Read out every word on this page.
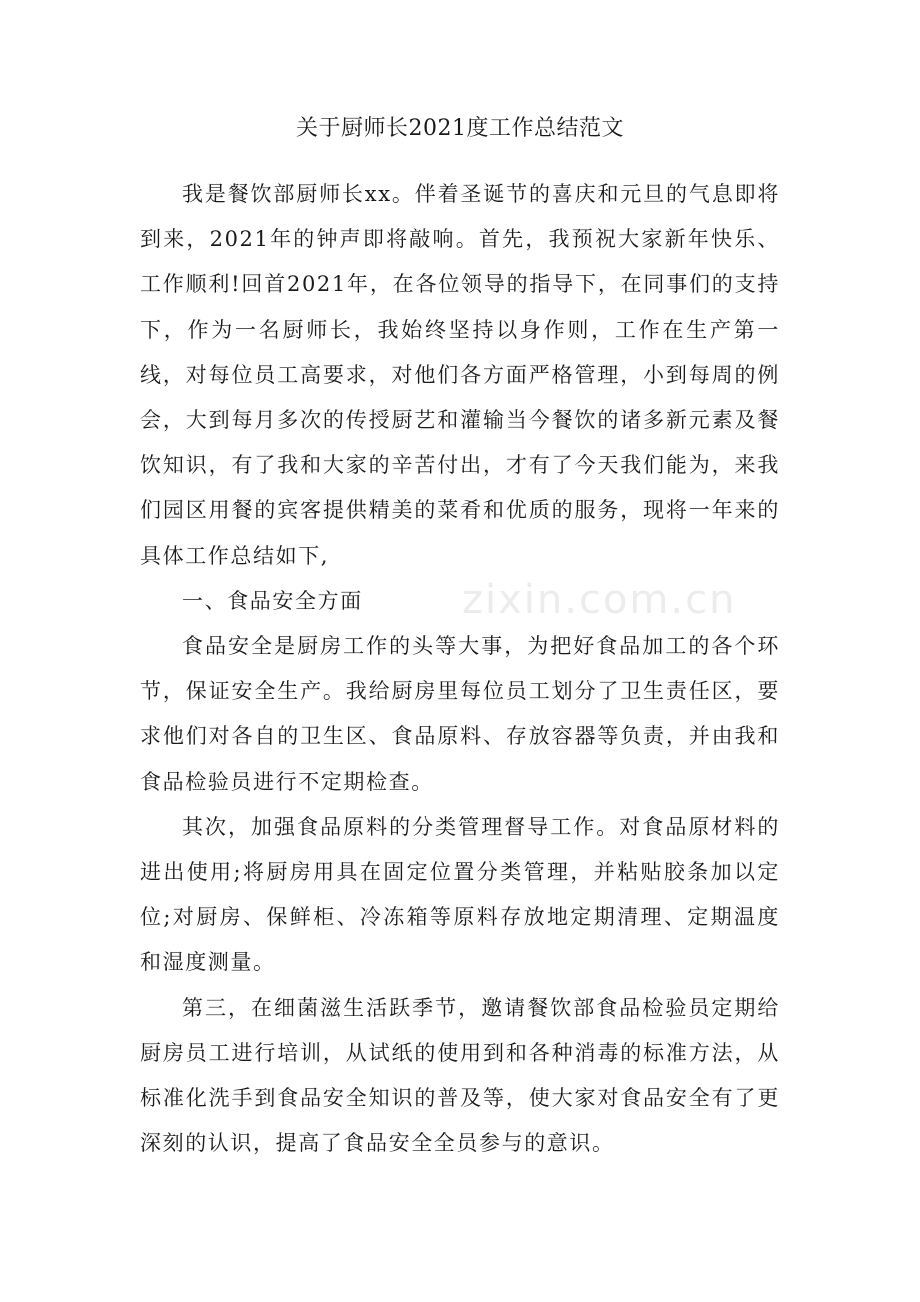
关于厨师长2021度工作总结范文

我是餐饮部厨师长xx。伴着圣诞节的喜庆和元旦的气息即将到来，2021年的钟声即将敲响。首先，我预祝大家新年快乐、工作顺利!回首2021年，在各位领导的指导下，在同事们的支持下，作为一名厨师长，我始终坚持以身作则，工作在生产第一线，对每位员工高要求，对他们各方面严格管理，小到每周的例会，大到每月多次的传授厨艺和灌输当今餐饮的诸多新元素及餐饮知识，有了我和大家的辛苦付出，才有了今天我们能为，来我们园区用餐的宾客提供精美的菜肴和优质的服务，现将一年来的具体工作总结如下,

一、食品安全方面

食品安全是厨房工作的头等大事，为把好食品加工的各个环节，保证安全生产。我给厨房里每位员工划分了卫生责任区，要求他们对各自的卫生区、食品原料、存放容器等负责，并由我和食品检验员进行不定期检查。

其次，加强食品原料的分类管理督导工作。对食品原材料的进出使用;将厨房用具在固定位置分类管理，并粘贴胶条加以定位;对厨房、保鲜柜、冷冻箱等原料存放地定期清理、定期温度和湿度测量。

第三，在细菌滋生活跃季节，邀请餐饮部食品检验员定期给厨房员工进行培训，从试纸的使用到和各种消毒的标准方法，从标准化洗手到食品安全知识的普及等，使大家对食品安全有了更深刻的认识，提高了食品安全全员参与的意识。

zixin.com.cn
